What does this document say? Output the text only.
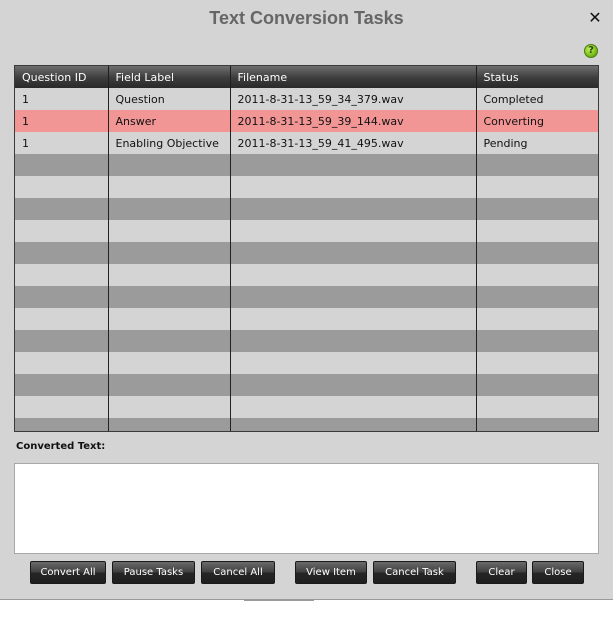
Text Conversion Tasks	✕
?
Question ID	Field Label	Filename	Status
1	Question	2011-8-31-13_59_34_379.wav	Completed
1	Answer	2011-8-31-13_59_39_144.wav	Converting
1	Enabling Objective	2011-8-31-13_59_41_495.wav	Pending

Converted Text:
Convert All	Pause Tasks	Cancel All	View Item	Cancel Task	Clear	Close
